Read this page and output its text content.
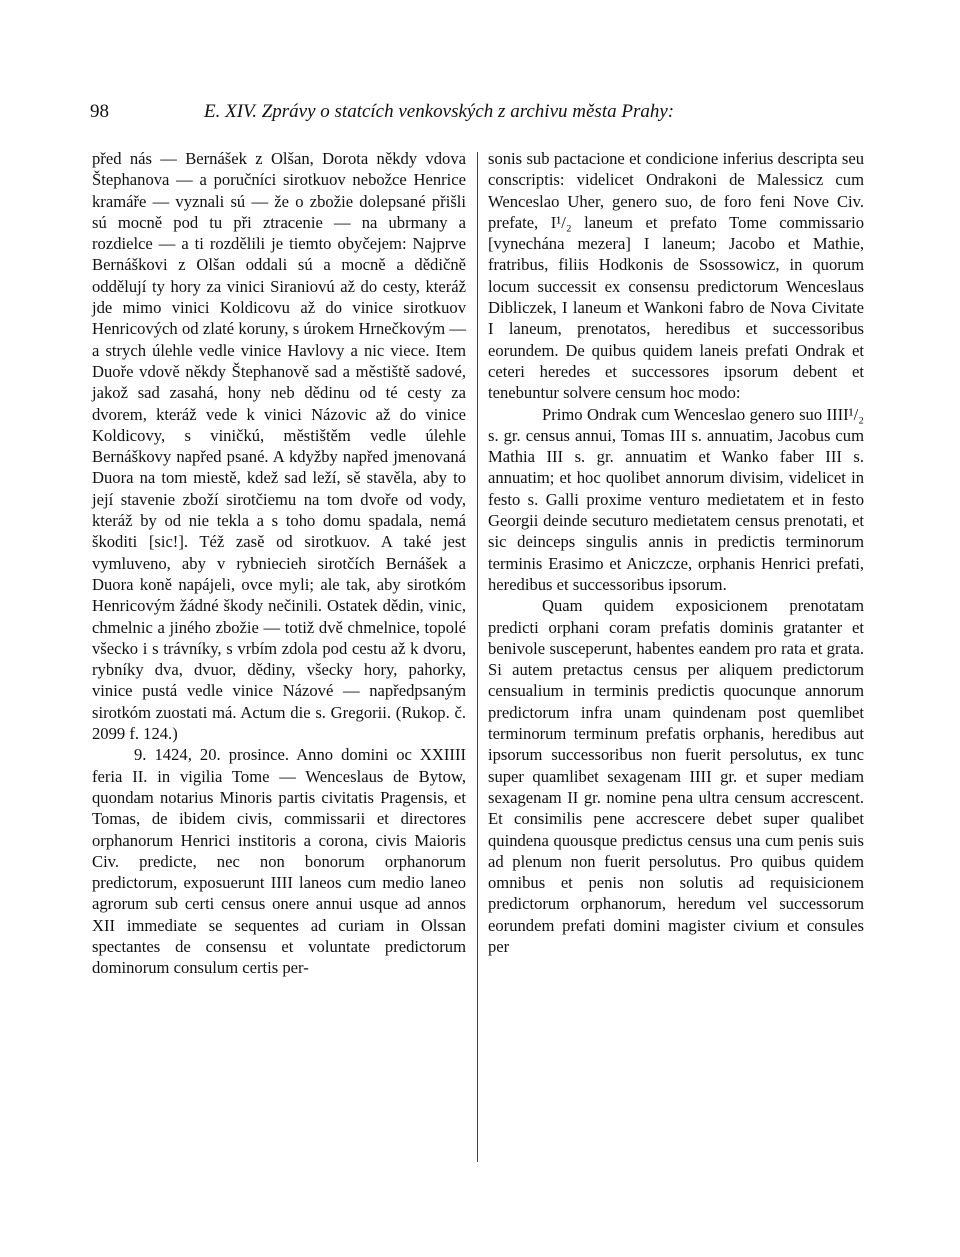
98	E. XIV. Zprávy o statcích venkovských z archivu města Prahy:

před nás — Bernášek z Olšan, Dorota někdy vdova Štephanova — a poručníci sirotkuov nebožce Henrice kramáře — vyznali sú — že o zbožie dolepsané přišli sú mocně pod tu při ztracenie — na ubrmany a rozdielce — a ti rozdělili je tiemto obyčejem: Najprve Bernáškovi z Olšan oddali sú a mocně a dědičně oddělují ty hory za vinici Siraniovú až do cesty, kteráž jde mimo vinici Koldicovu až do vinice sirotkuov Henricových od zlaté koruny, s úrokem Hrnečkovým — a strych úlehle vedle vinice Havlovy a nic viece. Item Duoře vdově někdy Štephanově sad a městiště sadové, jakož sad zasahá, hony neb dědinu od té cesty za dvorem, kteráž vede k vinici Názovic až do vinice Koldicovy, s viničkú, městištěm vedle úlehle Bernáškovy napřed psané. A kdyžby napřed jmenovaná Duora na tom miestě, kdež sad leží, sě stavěla, aby to její stavenie zboží sirotčiemu na tom dvoře od vody, kteráž by od nie tekla a s toho domu spadala, nemá škoditi [sic!]. Též zasě od sirotkuov. A také jest vymluveno, aby v rybniecieh sirotčích Bernášek a Duora koně napájeli, ovce myli; ale tak, aby sirotkóm Henricovým žádné škody nečinili. Ostatek dědin, vinic, chmelnic a jiného zbožie — totiž dvě chmelnice, topolé všecko i s trávníky, s vrbím zdola pod cestu až k dvoru, rybníky dva, dvuor, dědiny, všecky hory, pahorky, vinice pustá vedle vinice Názové — napředpsaným sirotkóm zuostati má. Actum die s. Gregorii. (Rukop. č. 2099 f. 124.)

9. 1424, 20. prosince. Anno domini oc XXIIII feria II. in vigilia Tome — Wenceslaus de Bytow, quondam notarius Minoris partis civitatis Pragensis, et Tomas, de ibidem civis, commissarii et directores orphanorum Henrici institoris a corona, civis Maioris Civ. predicte, nec non bonorum orphanorum predictorum, exposuerunt IIII laneos cum medio laneo agrorum sub certi census onere annui usque ad annos XII immediate se sequentes ad curiam in Olssan spectantes de consensu et voluntate predictorum dominorum consulum certis per-

sonis sub pactacione et condicione inferius descripta seu conscriptis: videlicet Ondrakoni de Malessicz cum Wenceslao Uher, genero suo, de foro feni Nove Civ. prefate, I¹/₂ laneum et prefato Tome commissario [vynechána mezera] I laneum; Jacobo et Mathie, fratribus, filiis Hodkonis de Ssossowicz, in quorum locum successit ex consensu predictorum Wenceslaus Dibliczek, I laneum et Wankoni fabro de Nova Civitate I laneum, prenotatos, heredibus et successoribus eorundem. De quibus quidem laneis prefati Ondrak et ceteri heredes et successores ipsorum debent et tenebuntur solvere censum hoc modo:

Primo Ondrak cum Wenceslao genero suo IIII¹/₂ s. gr. census annui, Tomas III s. annuatim, Jacobus cum Mathia III s. gr. annuatim et Wanko faber III s. annuatim; et hoc quolibet annorum divisim, videlicet in festo s. Galli proxime venturo medietatem et in festo Georgii deinde secuturo medietatem census prenotati, et sic deinceps singulis annis in predictis terminorum terminis Erasimo et Aniczcze, orphanis Henrici prefati, heredibus et successoribus ipsorum.

Quam quidem exposicionem prenotatam predicti orphani coram prefatis dominis gratanter et benivole susceperunt, habentes eandem pro rata et grata. Si autem pretactus census per aliquem predictorum censualium in terminis predictis quocunque annorum predictorum infra unam quindenam post quemlibet terminorum terminum prefatis orphanis, heredibus aut ipsorum successoribus non fuerit persolutus, ex tunc super quamlibet sexagenam IIII gr. et super mediam sexagenam II gr. nomine pena ultra censum accrescent. Et consimilis pene accrescere debet super qualibet quindena quousque predictus census una cum penis suis ad plenum non fuerit persolutus. Pro quibus quidem omnibus et penis non solutis ad requisicionem predictorum orphanorum, heredum vel successorum eorundem prefati domini magister civium et consules per
